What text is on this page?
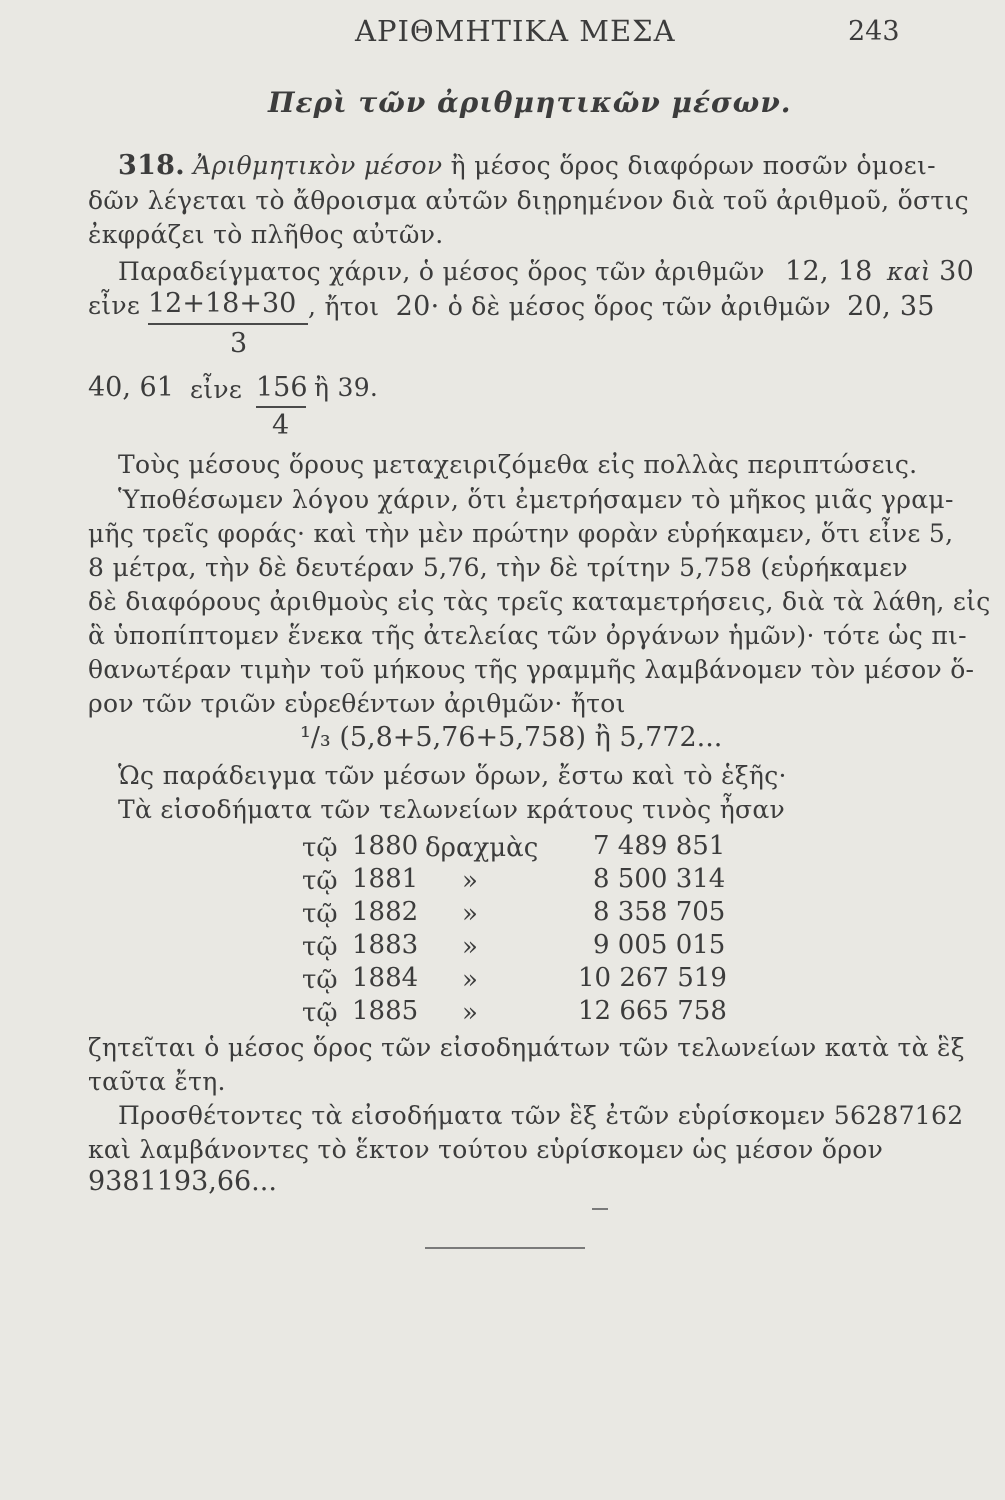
ΑΡΙΘΜΗΤΙΚΑ ΜΕΣΑ	243
Περὶ τῶν ἀριθμητικῶν μέσων.
318. Ἀριθμητικὸν μέσον ἢ μέσος ὅρος διαφόρων ποσῶν ὁμοει-
δῶν λέγεται τὸ ἄθροισμα αὐτῶν διῃρημένον διὰ τοῦ ἀριθμοῦ, ὅστις
ἐκφράζει τὸ πλῆθος αὐτῶν.
Παραδείγματος χάριν, ὁ μέσος ὅρος τῶν ἀριθμῶν 12, 18 καὶ 30
εἶνε 12+18+30
3
, ἤτοι 20· ὁ δὲ μέσος ὅρος τῶν ἀριθμῶν 20, 35
40, 61 εἶνε 156
4
ἢ 39.
Τοὺς μέσους ὅρους μεταχειριζόμεθα εἰς πολλὰς περιπτώσεις.
Ὑποθέσωμεν λόγου χάριν, ὅτι ἐμετρήσαμεν τὸ μῆκος μιᾶς γραμ-
μῆς τρεῖς φοράς· καὶ τὴν μὲν πρώτην φορὰν εὑρήκαμεν, ὅτι εἶνε 5,
8 μέτρα, τὴν δὲ δευτέραν 5,76, τὴν δὲ τρίτην 5,758 (εὑρήκαμεν
δὲ διαφόρους ἀριθμοὺς εἰς τὰς τρεῖς καταμετρήσεις, διὰ τὰ λάθη, εἰς
ἃ ὑποπίπτομεν ἕνεκα τῆς ἀτελείας τῶν ὀργάνων ἡμῶν)· τότε ὡς πι-
θανωτέραν τιμὴν τοῦ μήκους τῆς γραμμῆς λαμβάνομεν τὸν μέσον ὅ-
ρον τῶν τριῶν εὑρεθέντων ἀριθμῶν· ἤτοι
¹/₃ (5,8+5,76+5,758) ἢ 5,772...
Ὡς παράδειγμα τῶν μέσων ὅρων, ἔστω καὶ τὸ ἑξῆς·
Τὰ εἰσοδήματα τῶν τελωνείων κράτους τινὸς ἦσαν
τῷ 1880 δραχμὰς 7 489 851
τῷ 1881 »	8 500 314
τῷ 1882 »	8 358 705
τῷ 1883 »	9 005 015
τῷ 1884 »	10 267 519
τῷ 1885 »	12 665 758
ζητεῖται ὁ μέσος ὅρος τῶν εἰσοδημάτων τῶν τελωνείων κατὰ τὰ ἓξ
ταῦτα ἔτη.
Προσθέτοντες τὰ εἰσοδήματα τῶν ἓξ ἐτῶν εὑρίσκομεν 56287162
καὶ λαμβάνοντες τὸ ἕκτον τούτου εὑρίσκομεν ὡς μέσον ὅρον
9381193,66...
